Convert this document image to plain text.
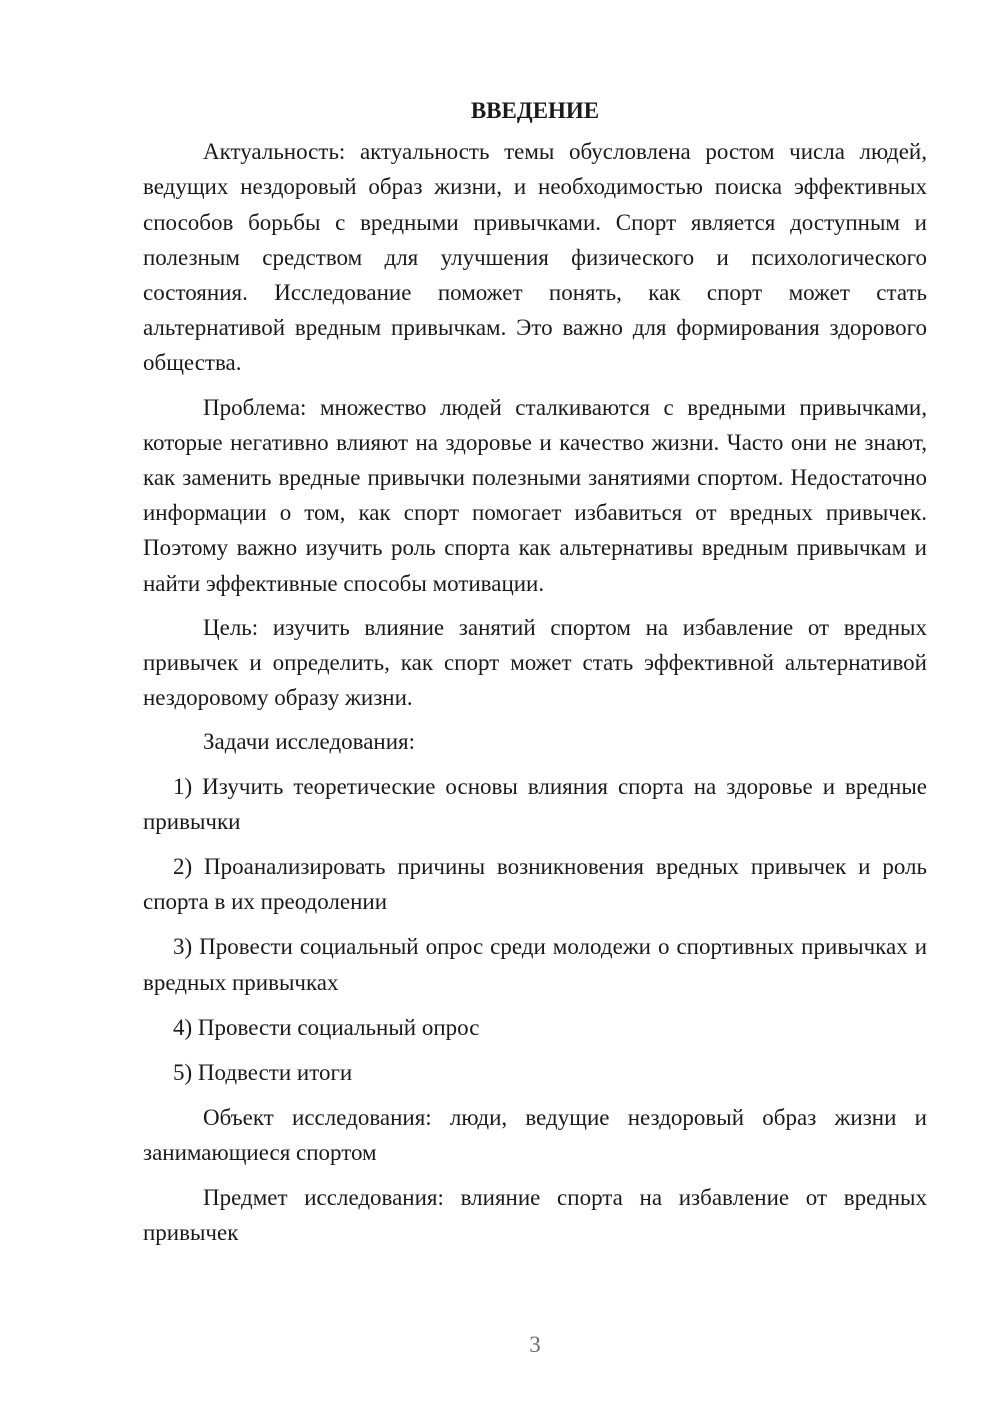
ВВЕДЕНИЕ

Актуальность: актуальность темы обусловлена ростом числа людей, ведущих нездоровый образ жизни, и необходимостью поиска эффективных способов борьбы с вредными привычками. Спорт является доступным и полезным средством для улучшения физического и психологического состояния. Исследование поможет понять, как спорт может стать альтернативой вредным привычкам. Это важно для формирования здорового общества.

Проблема: множество людей сталкиваются с вредными привычками, которые негативно влияют на здоровье и качество жизни. Часто они не знают, как заменить вредные привычки полезными занятиями спортом. Недостаточно информации о том, как спорт помогает избавиться от вредных привычек. Поэтому важно изучить роль спорта как альтернативы вредным привычкам и найти эффективные способы мотивации.

Цель: изучить влияние занятий спортом на избавление от вредных привычек и определить, как спорт может стать эффективной альтернативой нездоровому образу жизни.

Задачи исследования:

1) Изучить теоретические основы влияния спорта на здоровье и вредные привычки

2) Проанализировать причины возникновения вредных привычек и роль спорта в их преодолении

3) Провести социальный опрос среди молодежи о спортивных привычках и вредных привычках

4) Провести социальный опрос

5) Подвести итоги

Объект исследования: люди, ведущие нездоровый образ жизни и занимающиеся спортом

Предмет исследования: влияние спорта на избавление от вредных привычек

3
